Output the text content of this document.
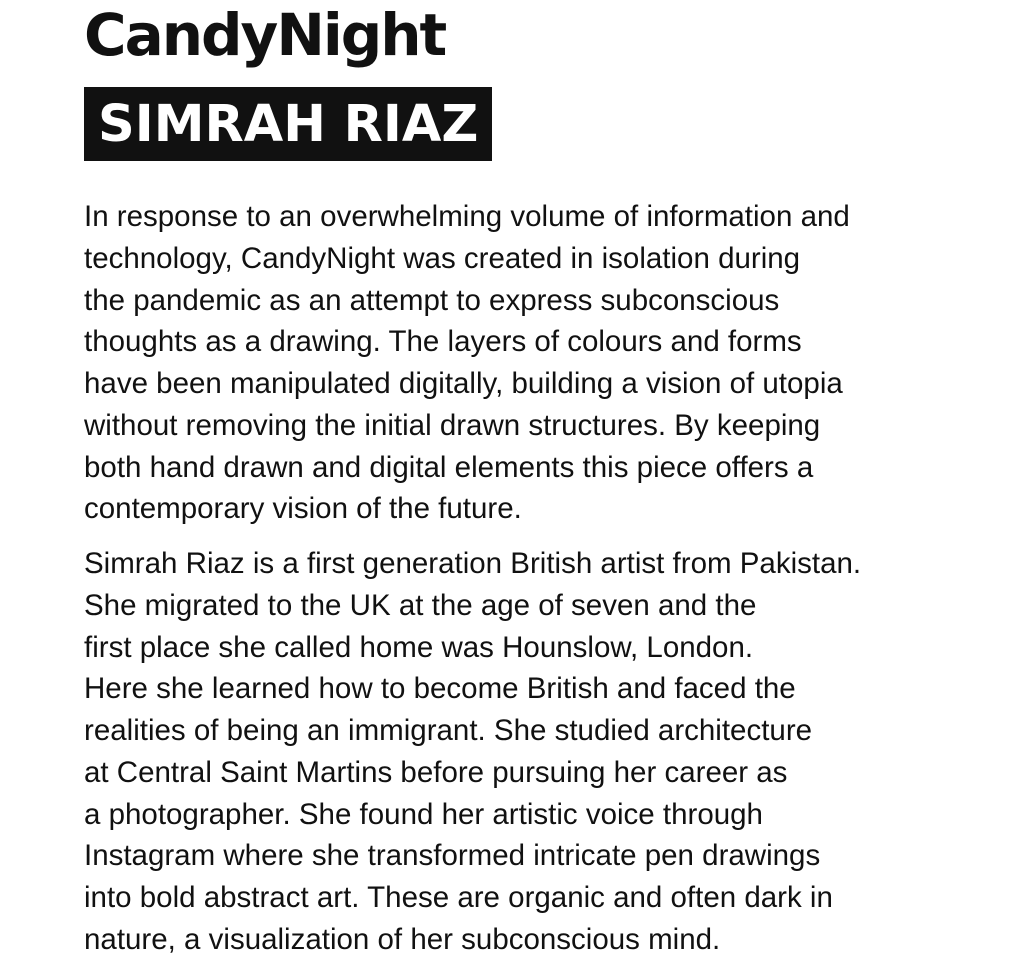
CandyNight
SIMRAH RIAZ

In response to an overwhelming volume of information and
technology, CandyNight was created in isolation during
the pandemic as an attempt to express subconscious
thoughts as a drawing. The layers of colours and forms
have been manipulated digitally, building a vision of utopia
without removing the initial drawn structures. By keeping
both hand drawn and digital elements this piece offers a
contemporary vision of the future.

Simrah Riaz is a first generation British artist from Pakistan.
She migrated to the UK at the age of seven and the
first place she called home was Hounslow, London.
Here she learned how to become British and faced the
realities of being an immigrant. She studied architecture
at Central Saint Martins before pursuing her career as
a photographer. She found her artistic voice through
Instagram where she transformed intricate pen drawings
into bold abstract art. These are organic and often dark in
nature, a visualization of her subconscious mind.
